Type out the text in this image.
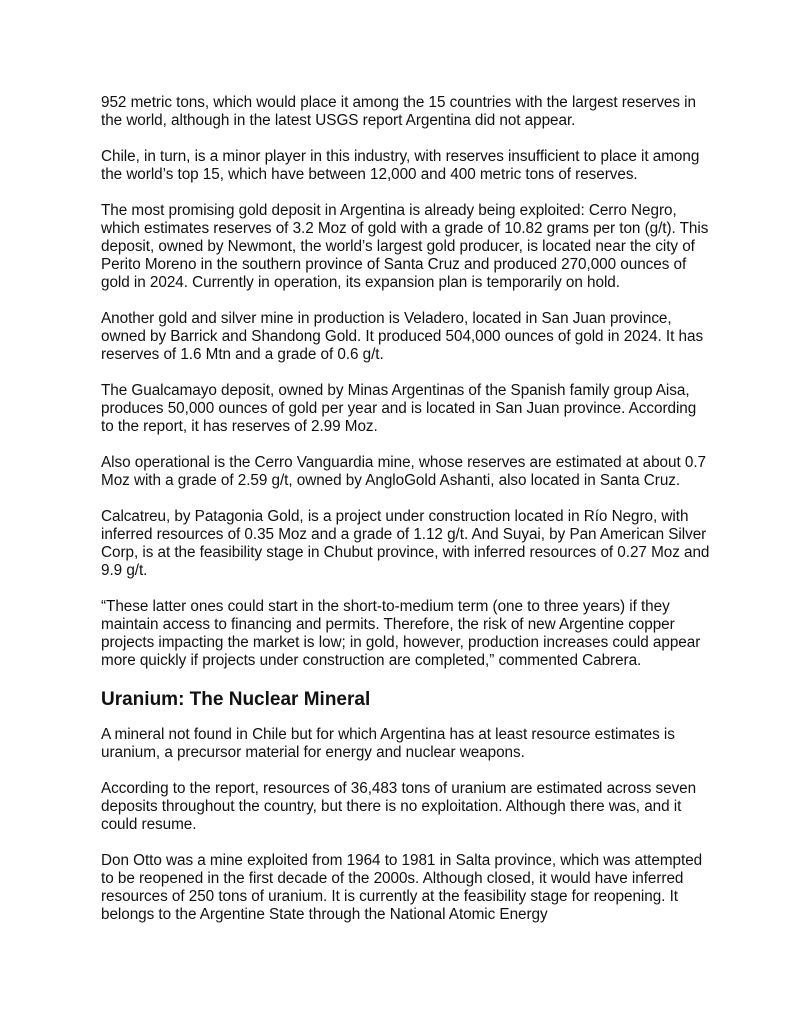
952 metric tons, which would place it among the 15 countries with the largest reserves in the world, although in the latest USGS report Argentina did not appear.

Chile, in turn, is a minor player in this industry, with reserves insufficient to place it among the world’s top 15, which have between 12,000 and 400 metric tons of reserves.

The most promising gold deposit in Argentina is already being exploited: Cerro Negro, which estimates reserves of 3.2 Moz of gold with a grade of 10.82 grams per ton (g/t). This deposit, owned by Newmont, the world’s largest gold producer, is located near the city of Perito Moreno in the southern province of Santa Cruz and produced 270,000 ounces of gold in 2024. Currently in operation, its expansion plan is temporarily on hold.

Another gold and silver mine in production is Veladero, located in San Juan province, owned by Barrick and Shandong Gold. It produced 504,000 ounces of gold in 2024. It has reserves of 1.6 Mtn and a grade of 0.6 g/t.

The Gualcamayo deposit, owned by Minas Argentinas of the Spanish family group Aisa, produces 50,000 ounces of gold per year and is located in San Juan province. According to the report, it has reserves of 2.99 Moz.

Also operational is the Cerro Vanguardia mine, whose reserves are estimated at about 0.7 Moz with a grade of 2.59 g/t, owned by AngloGold Ashanti, also located in Santa Cruz.

Calcatreu, by Patagonia Gold, is a project under construction located in Río Negro, with inferred resources of 0.35 Moz and a grade of 1.12 g/t. And Suyai, by Pan American Silver Corp, is at the feasibility stage in Chubut province, with inferred resources of 0.27 Moz and 9.9 g/t.

“These latter ones could start in the short-to-medium term (one to three years) if they maintain access to financing and permits. Therefore, the risk of new Argentine copper projects impacting the market is low; in gold, however, production increases could appear more quickly if projects under construction are completed,” commented Cabrera.

Uranium: The Nuclear Mineral

A mineral not found in Chile but for which Argentina has at least resource estimates is uranium, a precursor material for energy and nuclear weapons.

According to the report, resources of 36,483 tons of uranium are estimated across seven deposits throughout the country, but there is no exploitation. Although there was, and it could resume.

Don Otto was a mine exploited from 1964 to 1981 in Salta province, which was attempted to be reopened in the first decade of the 2000s. Although closed, it would have inferred resources of 250 tons of uranium. It is currently at the feasibility stage for reopening. It belongs to the Argentine State through the National Atomic Energy
